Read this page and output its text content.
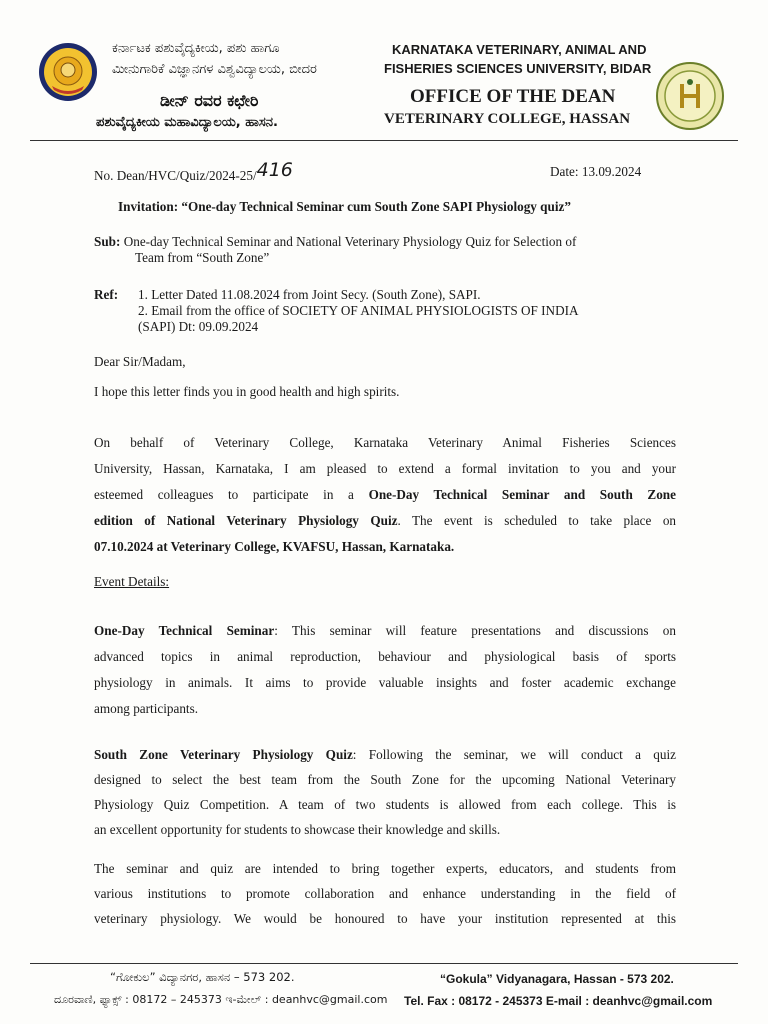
ಕರ್ನಾಟಕ ಪಶುವೈದ್ಯಕೀಯ, ಪಶು ಹಾಗೂ
ಮೀನುಗಾರಿಕೆ ವಿಜ್ಞಾನಗಳ ವಿಶ್ವವಿದ್ಯಾಲಯ, ಬೀದರ
ಡೀನ್ ರವರ ಕಛೇರಿ
ಪಶುವೈದ್ಯಕೀಯ ಮಹಾವಿದ್ಯಾಲಯ, ಹಾಸನ.
KARNATAKA VETERINARY, ANIMAL AND
FISHERIES SCIENCES UNIVERSITY, BIDAR
OFFICE OF THE DEAN
VETERINARY COLLEGE, HASSAN
No. Dean/HVC/Quiz/2024-25/416	Date: 13.09.2024
Invitation: “One-day Technical Seminar cum South Zone SAPI Physiology quiz”
Sub: One-day Technical Seminar and National Veterinary Physiology Quiz for Selection of
Team from “South Zone”
Ref: 1. Letter Dated 11.08.2024 from Joint Secy. (South Zone), SAPI.
2. Email from the office of SOCIETY OF ANIMAL PHYSIOLOGISTS OF INDIA
(SAPI) Dt: 09.09.2024
Dear Sir/Madam,
I hope this letter finds you in good health and high spirits.
On behalf of Veterinary College, Karnataka Veterinary Animal Fisheries Sciences
University, Hassan, Karnataka, I am pleased to extend a formal invitation to you and your
esteemed colleagues to participate in a One-Day Technical Seminar and South Zone
edition of National Veterinary Physiology Quiz. The event is scheduled to take place on
07.10.2024 at Veterinary College, KVAFSU, Hassan, Karnataka.
Event Details:
One-Day Technical Seminar: This seminar will feature presentations and discussions on
advanced topics in animal reproduction, behaviour and physiological basis of sports
physiology in animals. It aims to provide valuable insights and foster academic exchange
among participants.
South Zone Veterinary Physiology Quiz: Following the seminar, we will conduct a quiz
designed to select the best team from the South Zone for the upcoming National Veterinary
Physiology Quiz Competition. A team of two students is allowed from each college. This is
an excellent opportunity for students to showcase their knowledge and skills.
The seminar and quiz are intended to bring together experts, educators, and students from
various institutions to promote collaboration and enhance understanding in the field of
veterinary physiology. We would be honoured to have your institution represented at this
“ಗೋಕುಲ” ವಿದ್ಯಾನಗರ, ಹಾಸನ – 573 202.
ದೂರವಾಣಿ, ಫ್ಯಾಕ್ಸ್ : 08172 – 245373 ಇ-ಮೇಲ್ : deanhvc@gmail.com
“Gokula” Vidyanagara, Hassan - 573 202.
Tel. Fax : 08172 - 245373 E-mail : deanhvc@gmail.com
